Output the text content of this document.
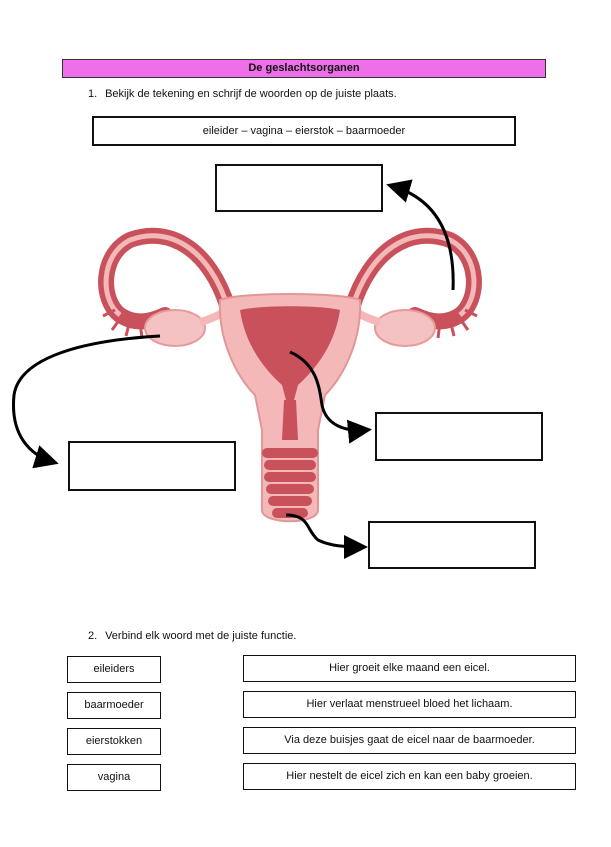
De geslachtsorganen
1. Bekijk de tekening en schrijf de woorden op de juiste plaats.
eileider – vagina – eierstok – baarmoeder
2. Verbind elk woord met de juiste functie.
eileiders
baarmoeder
eierstokken
vagina
Hier groeit elke maand een eicel.
Hier verlaat menstrueel bloed het lichaam.
Via deze buisjes gaat de eicel naar de baarmoeder.
Hier nestelt de eicel zich en kan een baby groeien.
